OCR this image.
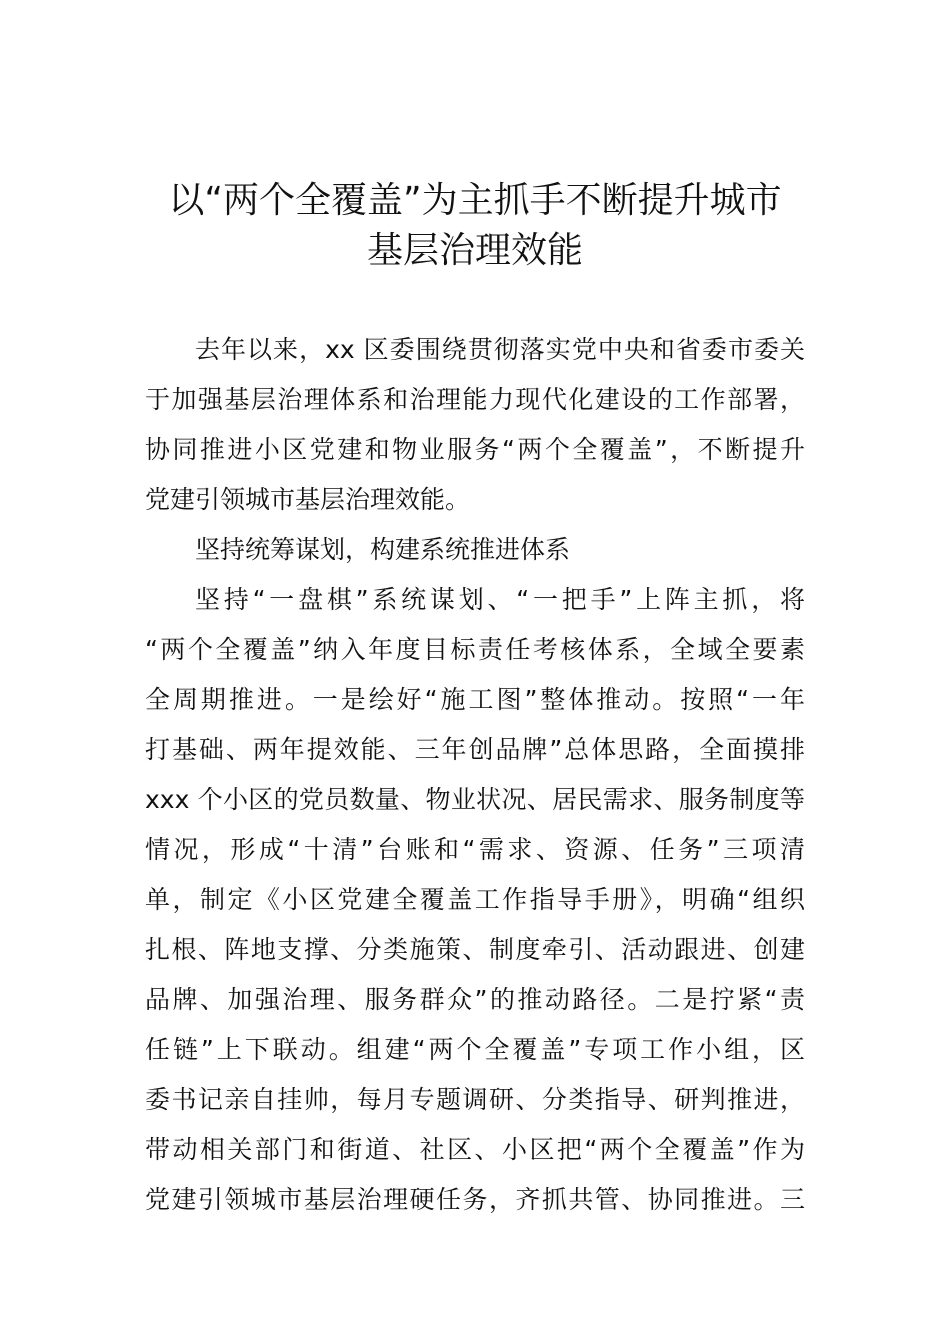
以“两个全覆盖”为主抓手不断提升城市
基层治理效能
去年以来，xx 区委围绕贯彻落实党中央和省委市委关
于加强基层治理体系和治理能力现代化建设的工作部署，
协同推进小区党建和物业服务“两个全覆盖”，不断提升
党建引领城市基层治理效能。
坚持统筹谋划，构建系统推进体系
坚持“一盘棋”系统谋划、“一把手”上阵主抓，将
“两个全覆盖”纳入年度目标责任考核体系，全域全要素
全周期推进。一是绘好“施工图”整体推动。按照“一年
打基础、两年提效能、三年创品牌”总体思路，全面摸排
xxx 个小区的党员数量、物业状况、居民需求、服务制度等
情况，形成“十清”台账和“需求、资源、任务”三项清
单，制定《小区党建全覆盖工作指导手册》，明确“组织
扎根、阵地支撑、分类施策、制度牵引、活动跟进、创建
品牌、加强治理、服务群众”的推动路径。二是拧紧“责
任链”上下联动。组建“两个全覆盖”专项工作小组，区
委书记亲自挂帅，每月专题调研、分类指导、研判推进，
带动相关部门和街道、社区、小区把“两个全覆盖”作为
党建引领城市基层治理硬任务，齐抓共管、协同推进。三
